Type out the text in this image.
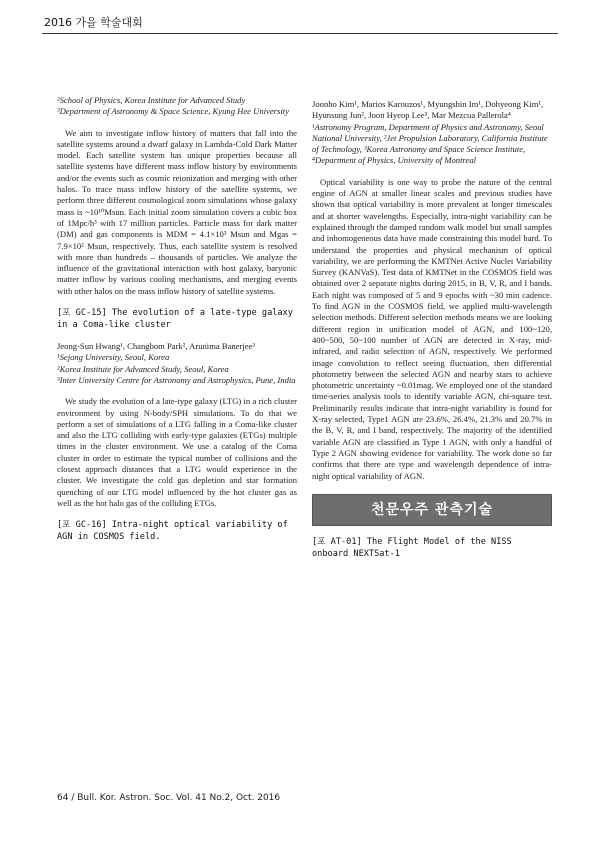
2016 가을 학술대회

²School of Physics, Korea Institute for Advanced Study

³Department of Astronomy & Space Science, Kyung Hee University

We aim to investigate inflow history of matters that fall into the satellite systems around a dwarf galaxy in Lambda-Cold Dark Matter model. Each satellite system has unique properties because all satellite systems have different mass inflow history by environments and/or the events such as cosmic reionization and merging with other halos. To trace mass inflow history of the satellite systems, we perform three different cosmological zoom simulations whose galaxy mass is ~10¹⁰Msun. Each initial zoom simulation covers a cubic box of 1Mpc/h³ with 17 million particles. Particle mass for dark matter (DM) and gas components is MDM = 4.1×10³ Msun and Mgas = 7.9×10² Msun, respectively. Thus, each satellite system is resolved with more than hundreds – thousands of particles. We analyze the influence of the gravitational interaction with host galaxy, baryonic matter inflow by various cooling mechanisms, and merging events with other halos on the mass inflow history of satellite systems.

[포 GC-15] The evolution of a late-type galaxy in a Coma-like cluster

Jeong-Sun Hwang¹, Changbom Park², Arunima Banerjee³

¹Sejong University, Seoul, Korea

²Korea Institute for Advanced Study, Seoul, Korea

³Inter University Centre for Astronomy and Astrophysics, Pune, India

We study the evolution of a late-type galaxy (LTG) in a rich cluster environment by using N-body/SPH simulations. To do that we perform a set of simulations of a LTG falling in a Coma-like cluster and also the LTG colliding with early-type galaxies (ETGs) multiple times in the cluster environment. We use a catalog of the Coma cluster in order to estimate the typical number of collisions and the closest approach distances that a LTG would experience in the cluster. We investigate the cold gas depletion and star formation quenching of our LTG model influenced by the hot cluster gas as well as the hot halo gas of the colliding ETGs.

[포 GC-16] Intra-night optical variability of AGN in COSMOS field.

Joonho Kim¹, Marios Karouzos¹, Myungshin Im¹, Dohyeong Kim¹, Hyunsung Jun², Joon Hyeop Lee³, Mar Mezcua Pallerola⁴

¹Astronomy Program, Department of Physics and Astronomy, Seoul National University, ²Jet Propulsion Laboratory, California Institute of Technology, ³Korea Astronomy and Space Science Institute, ⁴Department of Physics, University of Montreal

Optical variability is one way to probe the nature of the central engine of AGN at smaller linear scales and previous studies have shown that optical variability is more prevalent at longer timescales and at shorter wavelengths. Especially, intra-night variability can be explained through the damped random walk model but small samples and inhomogeneous data have made constraining this model hard. To understand the properties and physical mechanism of optical variability, we are performing the KMTNet Active Nuclei Variability Survey (KANVaS). Test data of KMTNet in the COSMOS field was obtained over 2 separate nights during 2015, in B, V, R, and I bands. Each night was composed of 5 and 9 epochs with ~30 min cadence. To find AGN in the COSMOS field, we applied multi-wavelength selection methods. Different selection methods means we are looking different region in unification model of AGN, and 100~120, 400~500, 50~100 number of AGN are detected in X-ray, mid-infrared, and radio selection of AGN, respectively. We performed image convolution to reflect seeing fluctuation, then differential photometry between the selected AGN and nearby stars to achieve photometric uncertainty ~0.01mag. We employed one of the standard time-series analysis tools to identify variable AGN, chi-square test. Preliminarily results indicate that intra-night variability is found for X-ray selected, Type1 AGN are 23.6%, 26.4%, 21.3% and 20.7% in the B, V, R, and I band, respectively. The majority of the identified variable AGN are classified as Type 1 AGN, with only a handful of Type 2 AGN showing evidence for variability. The work done so far confirms that there are type and wavelength dependence of intra-night optical variability of AGN.

천문우주 관측기술

[포 AT-01] The Flight Model of the NISS onboard NEXTSat-1

64 / Bull. Kor. Astron. Soc. Vol. 41 No.2, Oct. 2016
